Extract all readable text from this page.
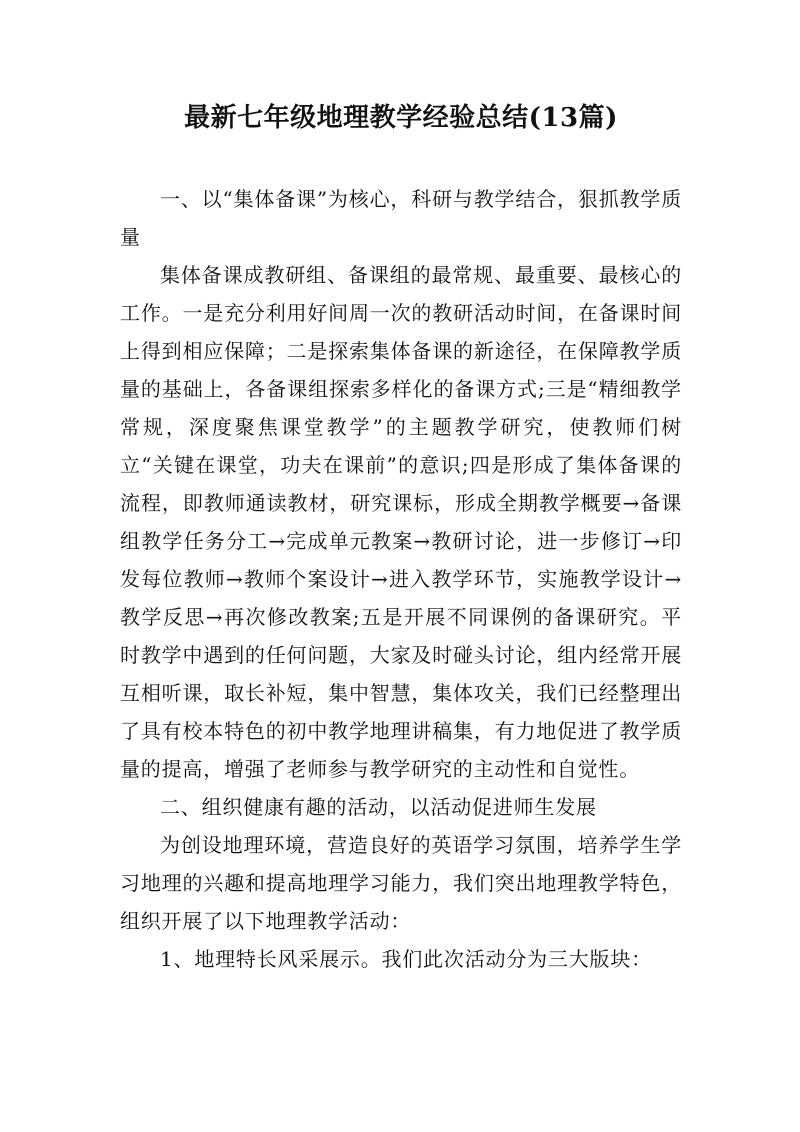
最新七年级地理教学经验总结(13篇)

一、以“集体备课”为核心，科研与教学结合，狠抓教学质量

集体备课成教研组、备课组的最常规、最重要、最核心的工作。一是充分利用好间周一次的教研活动时间，在备课时间上得到相应保障；二是探索集体备课的新途径，在保障教学质量的基础上，各备课组探索多样化的备课方式;三是“精细教学常规，深度聚焦课堂教学”的主题教学研究，使教师们树立“关键在课堂，功夫在课前”的意识;四是形成了集体备课的流程，即教师通读教材，研究课标，形成全期教学概要→备课组教学任务分工→完成单元教案→教研讨论，进一步修订→印发每位教师→教师个案设计→进入教学环节，实施教学设计→教学反思→再次修改教案;五是开展不同课例的备课研究。平时教学中遇到的任何问题，大家及时碰头讨论，组内经常开展互相听课，取长补短，集中智慧，集体攻关，我们已经整理出了具有校本特色的初中教学地理讲稿集，有力地促进了教学质量的提高，增强了老师参与教学研究的主动性和自觉性。

二、组织健康有趣的活动，以活动促进师生发展

为创设地理环境，营造良好的英语学习氛围，培养学生学习地理的兴趣和提高地理学习能力，我们突出地理教学特色，组织开展了以下地理教学活动：

1、地理特长风采展示。我们此次活动分为三大版块：
